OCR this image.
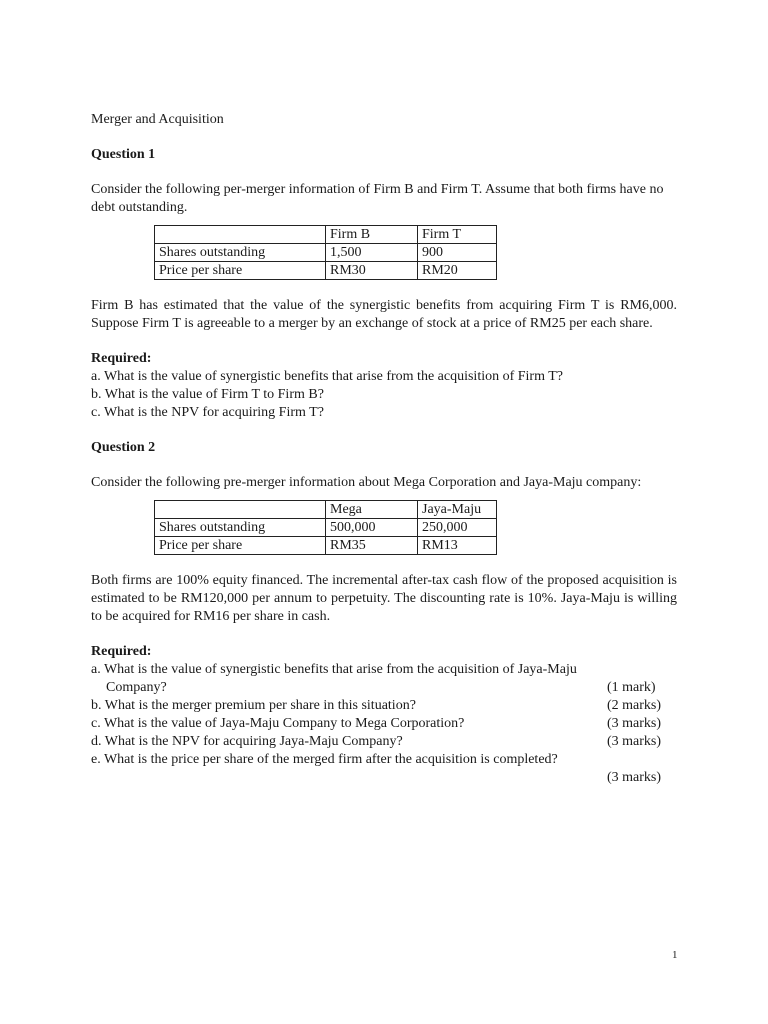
Merger and Acquisition

Question 1

Consider the following per-merger information of Firm B and Firm T. Assume that both firms have no debt outstanding.

	Firm B	Firm T
Shares outstanding	1,500	900
Price per share	RM30	RM20

Firm B has estimated that the value of the synergistic benefits from acquiring Firm T is RM6,000. Suppose Firm T is agreeable to a merger by an exchange of stock at a price of RM25 per each share.

Required:

a. What is the value of synergistic benefits that arise from the acquisition of Firm T?

b. What is the value of Firm T to Firm B?

c. What is the NPV for acquiring Firm T?

Question 2

Consider the following pre-merger information about Mega Corporation and Jaya-Maju company:

	Mega	Jaya-Maju
Shares outstanding	500,000	250,000
Price per share	RM35	RM13

Both firms are 100% equity financed. The incremental after-tax cash flow of the proposed acquisition is estimated to be RM120,000 per annum to perpetuity. The discounting rate is 10%. Jaya-Maju is willing to be acquired for RM16 per share in cash.

Required:

a. What is the value of synergistic benefits that arise from the acquisition of Jaya-Maju

Company?	(1 mark)
b. What is the merger premium per share in this situation?	(2 marks)
c. What is the value of Jaya-Maju Company to Mega Corporation?	(3 marks)
d. What is the NPV for acquiring Jaya-Maju Company?	(3 marks)

e. What is the price per share of the merged firm after the acquisition is completed?

(3 marks)
1
